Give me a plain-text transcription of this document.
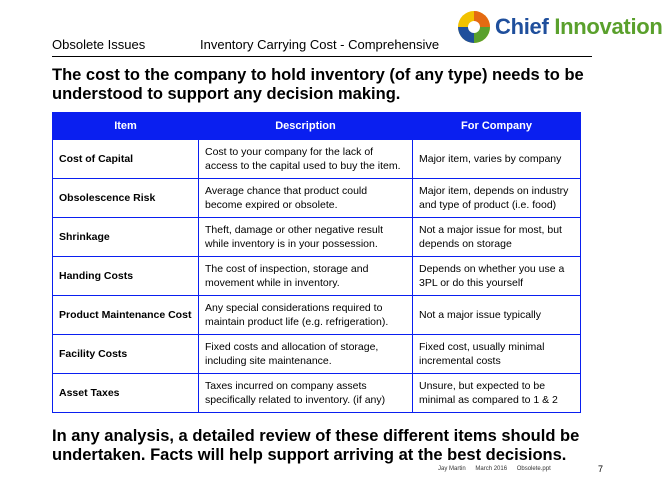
Obsolete Issues	Inventory Carrying Cost - Comprehensive
Chief Innovation
The cost to the company to hold inventory (of any type) needs to be understood to support any decision making.
Item	Description	For Company
Cost of Capital	Cost to your company for the lack of access to the capital used to buy the item.	Major item, varies by company
Obsolescence Risk	Average chance that product could become expired or obsolete.	Major item, depends on industry and type of product (i.e. food)
Shrinkage	Theft, damage or other negative result while inventory is in your possession.	Not a major issue for most, but depends on storage
Handing Costs	The cost of inspection, storage and movement while in inventory.	Depends on whether you use a 3PL or do this yourself
Product Maintenance Cost	Any special considerations required to maintain product life (e.g. refrigeration).	Not a major issue typically
Facility Costs	Fixed costs and allocation of storage, including site maintenance.	Fixed cost, usually minimal incremental costs
Asset Taxes	Taxes incurred on company assets specifically related to inventory. (if any)	Unsure, but expected to be minimal as compared to 1 & 2
In any analysis, a detailed review of these different items should be undertaken. Facts will help support arriving at the best decisions.
Jay Martin March 2016 Obsolete.ppt	7
